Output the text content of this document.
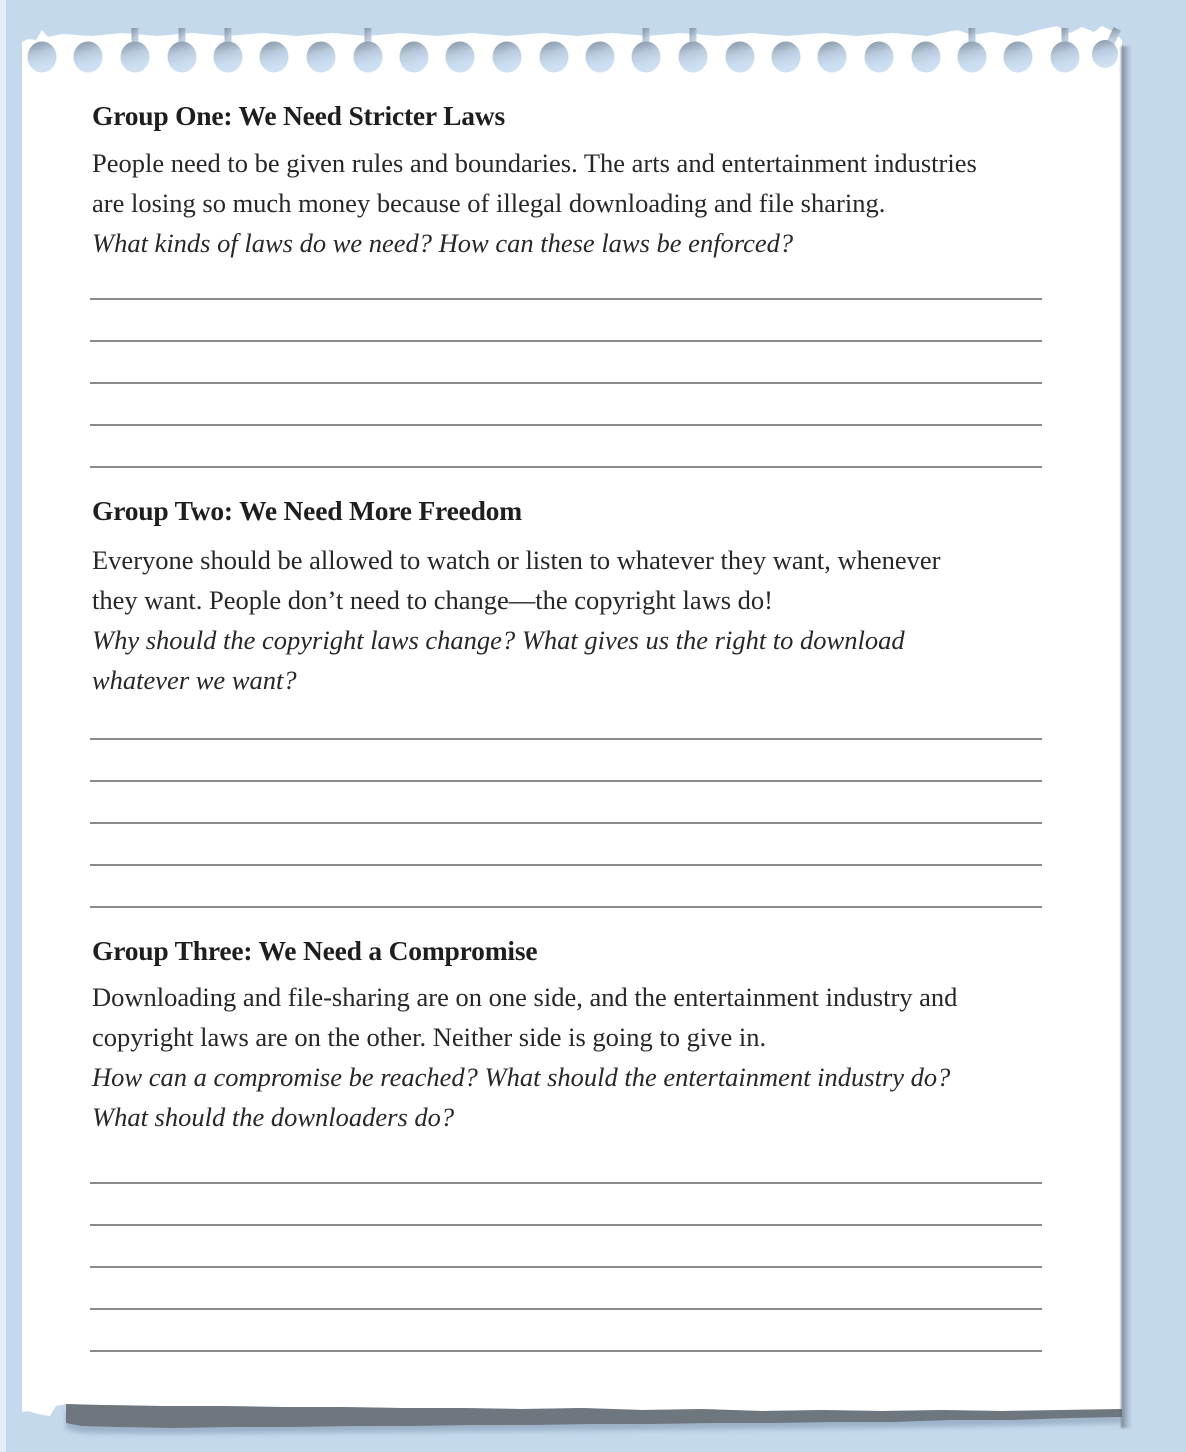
Group One: We Need Stricter Laws
People need to be given rules and boundaries. The arts and entertainment industries
are losing so much money because of illegal downloading and file sharing.
What kinds of laws do we need? How can these laws be enforced?
Group Two: We Need More Freedom
Everyone should be allowed to watch or listen to whatever they want, whenever
they want. People don’t need to change—the copyright laws do!
Why should the copyright laws change? What gives us the right to download
whatever we want?
Group Three: We Need a Compromise
Downloading and file-sharing are on one side, and the entertainment industry and
copyright laws are on the other. Neither side is going to give in.
How can a compromise be reached? What should the entertainment industry do?
What should the downloaders do?
